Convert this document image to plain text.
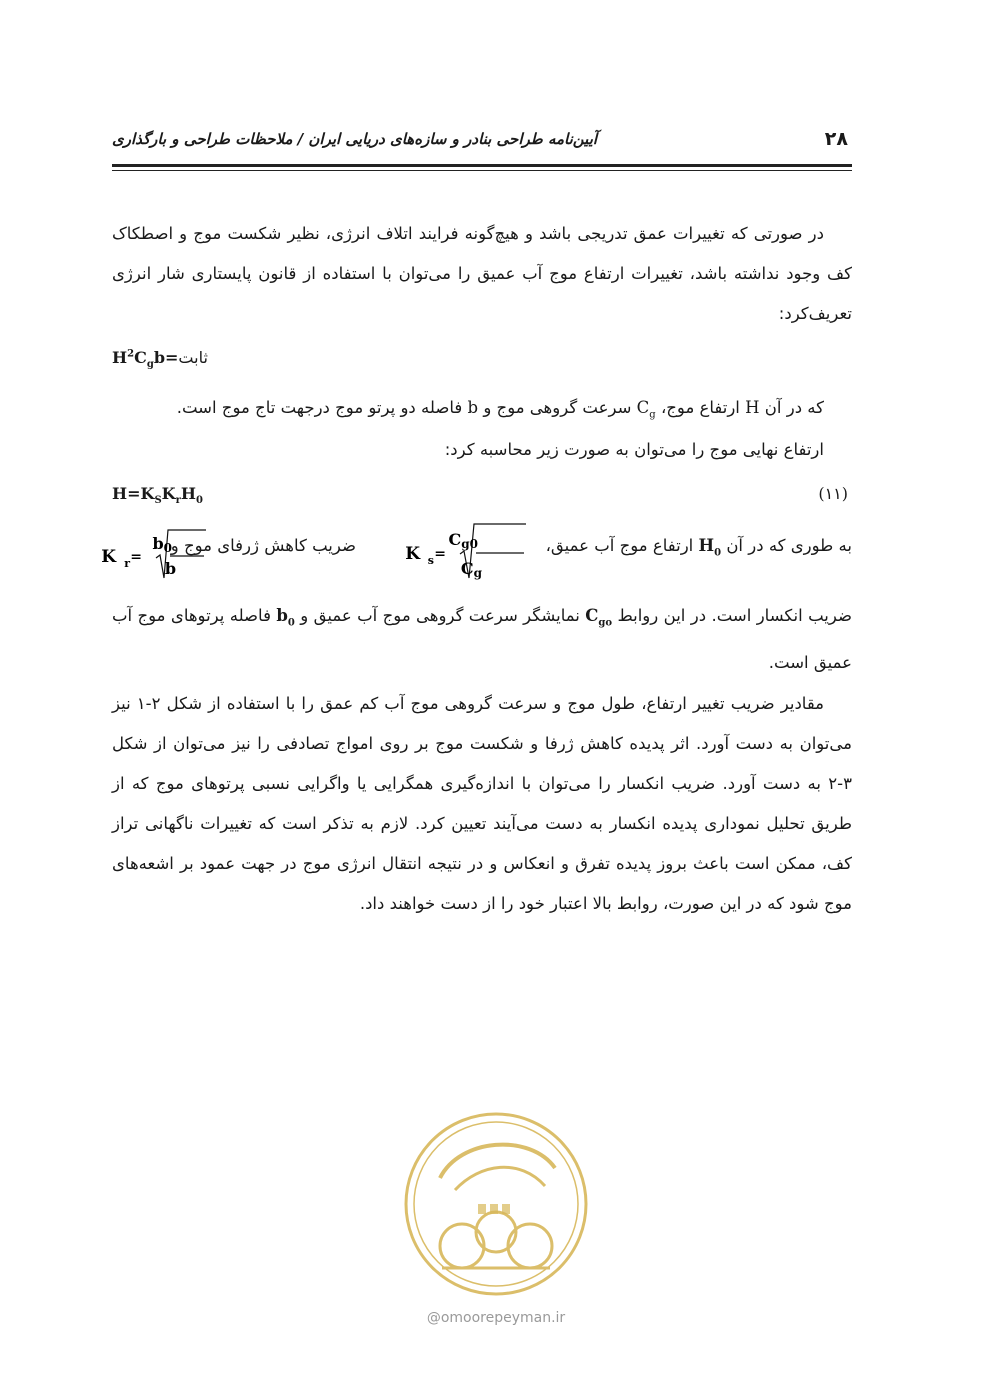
۲۸
آیین‌نامه طراحی بنادر و سازه‌های دریایی ایران / ملاحظات طراحی و بارگذاری

در صورتی که تغییرات عمق تدریجی باشد و هیچ‌گونه فرایند اتلاف انرژی، نظیر شکست موج و اصطکاک کف وجود نداشته باشد، تغییرات ارتفاع موج آب عمیق را می‌توان با استفاده از قانون پایستاری شار انرژی تعریف‌کرد:

$H^2C_gb=ثابت$

که در آن H ارتفاع موج، $C_g$ سرعت گروهی موج و b فاصله دو پرتو موج درجهت تاج موج است.

ارتفاع نهایی موج را می‌توان به صورت زیر محاسبه کرد:

$H=K_SK_rH_0$	(۱۱)
به طوری که در آن $H_0$ ارتفاع موج آب عمیق،
K s =
Cg0
Cg
ضریب کاهش ژرفای موج و
K r =
b0
b

ضریب انکسار است. در این روابط $C_{go}$ نمایشگر سرعت گروهی موج آب عمیق و $b_0$ فاصله پرتوهای موج آب عمیق است.

مقادیر ضریب تغییر ارتفاع، طول موج و سرعت گروهی موج آب کم عمق را با استفاده از شکل ۲-۱ نیز می‌توان به دست آورد. اثر پدیده کاهش ژرفا و شکست موج بر روی امواج تصادفی را نیز می‌توان از شکل ۳-۲ به دست آورد. ضریب انکسار را می‌توان با اندازه‌گیری همگرایی یا واگرایی نسبی پرتوهای موج که از طریق تحلیل نموداری پدیده انکسار به دست می‌آیند تعیین کرد. لازم به تذکر است که تغییرات ناگهانی تراز کف، ممکن است باعث بروز پدیده تفرق و انعکاس و در نتیجه انتقال انرژی موج در جهت عمود بر اشعه‌های موج شود که در این صورت، روابط بالا اعتبار خود را از دست خواهند داد.

@omoorepeyman.ir
